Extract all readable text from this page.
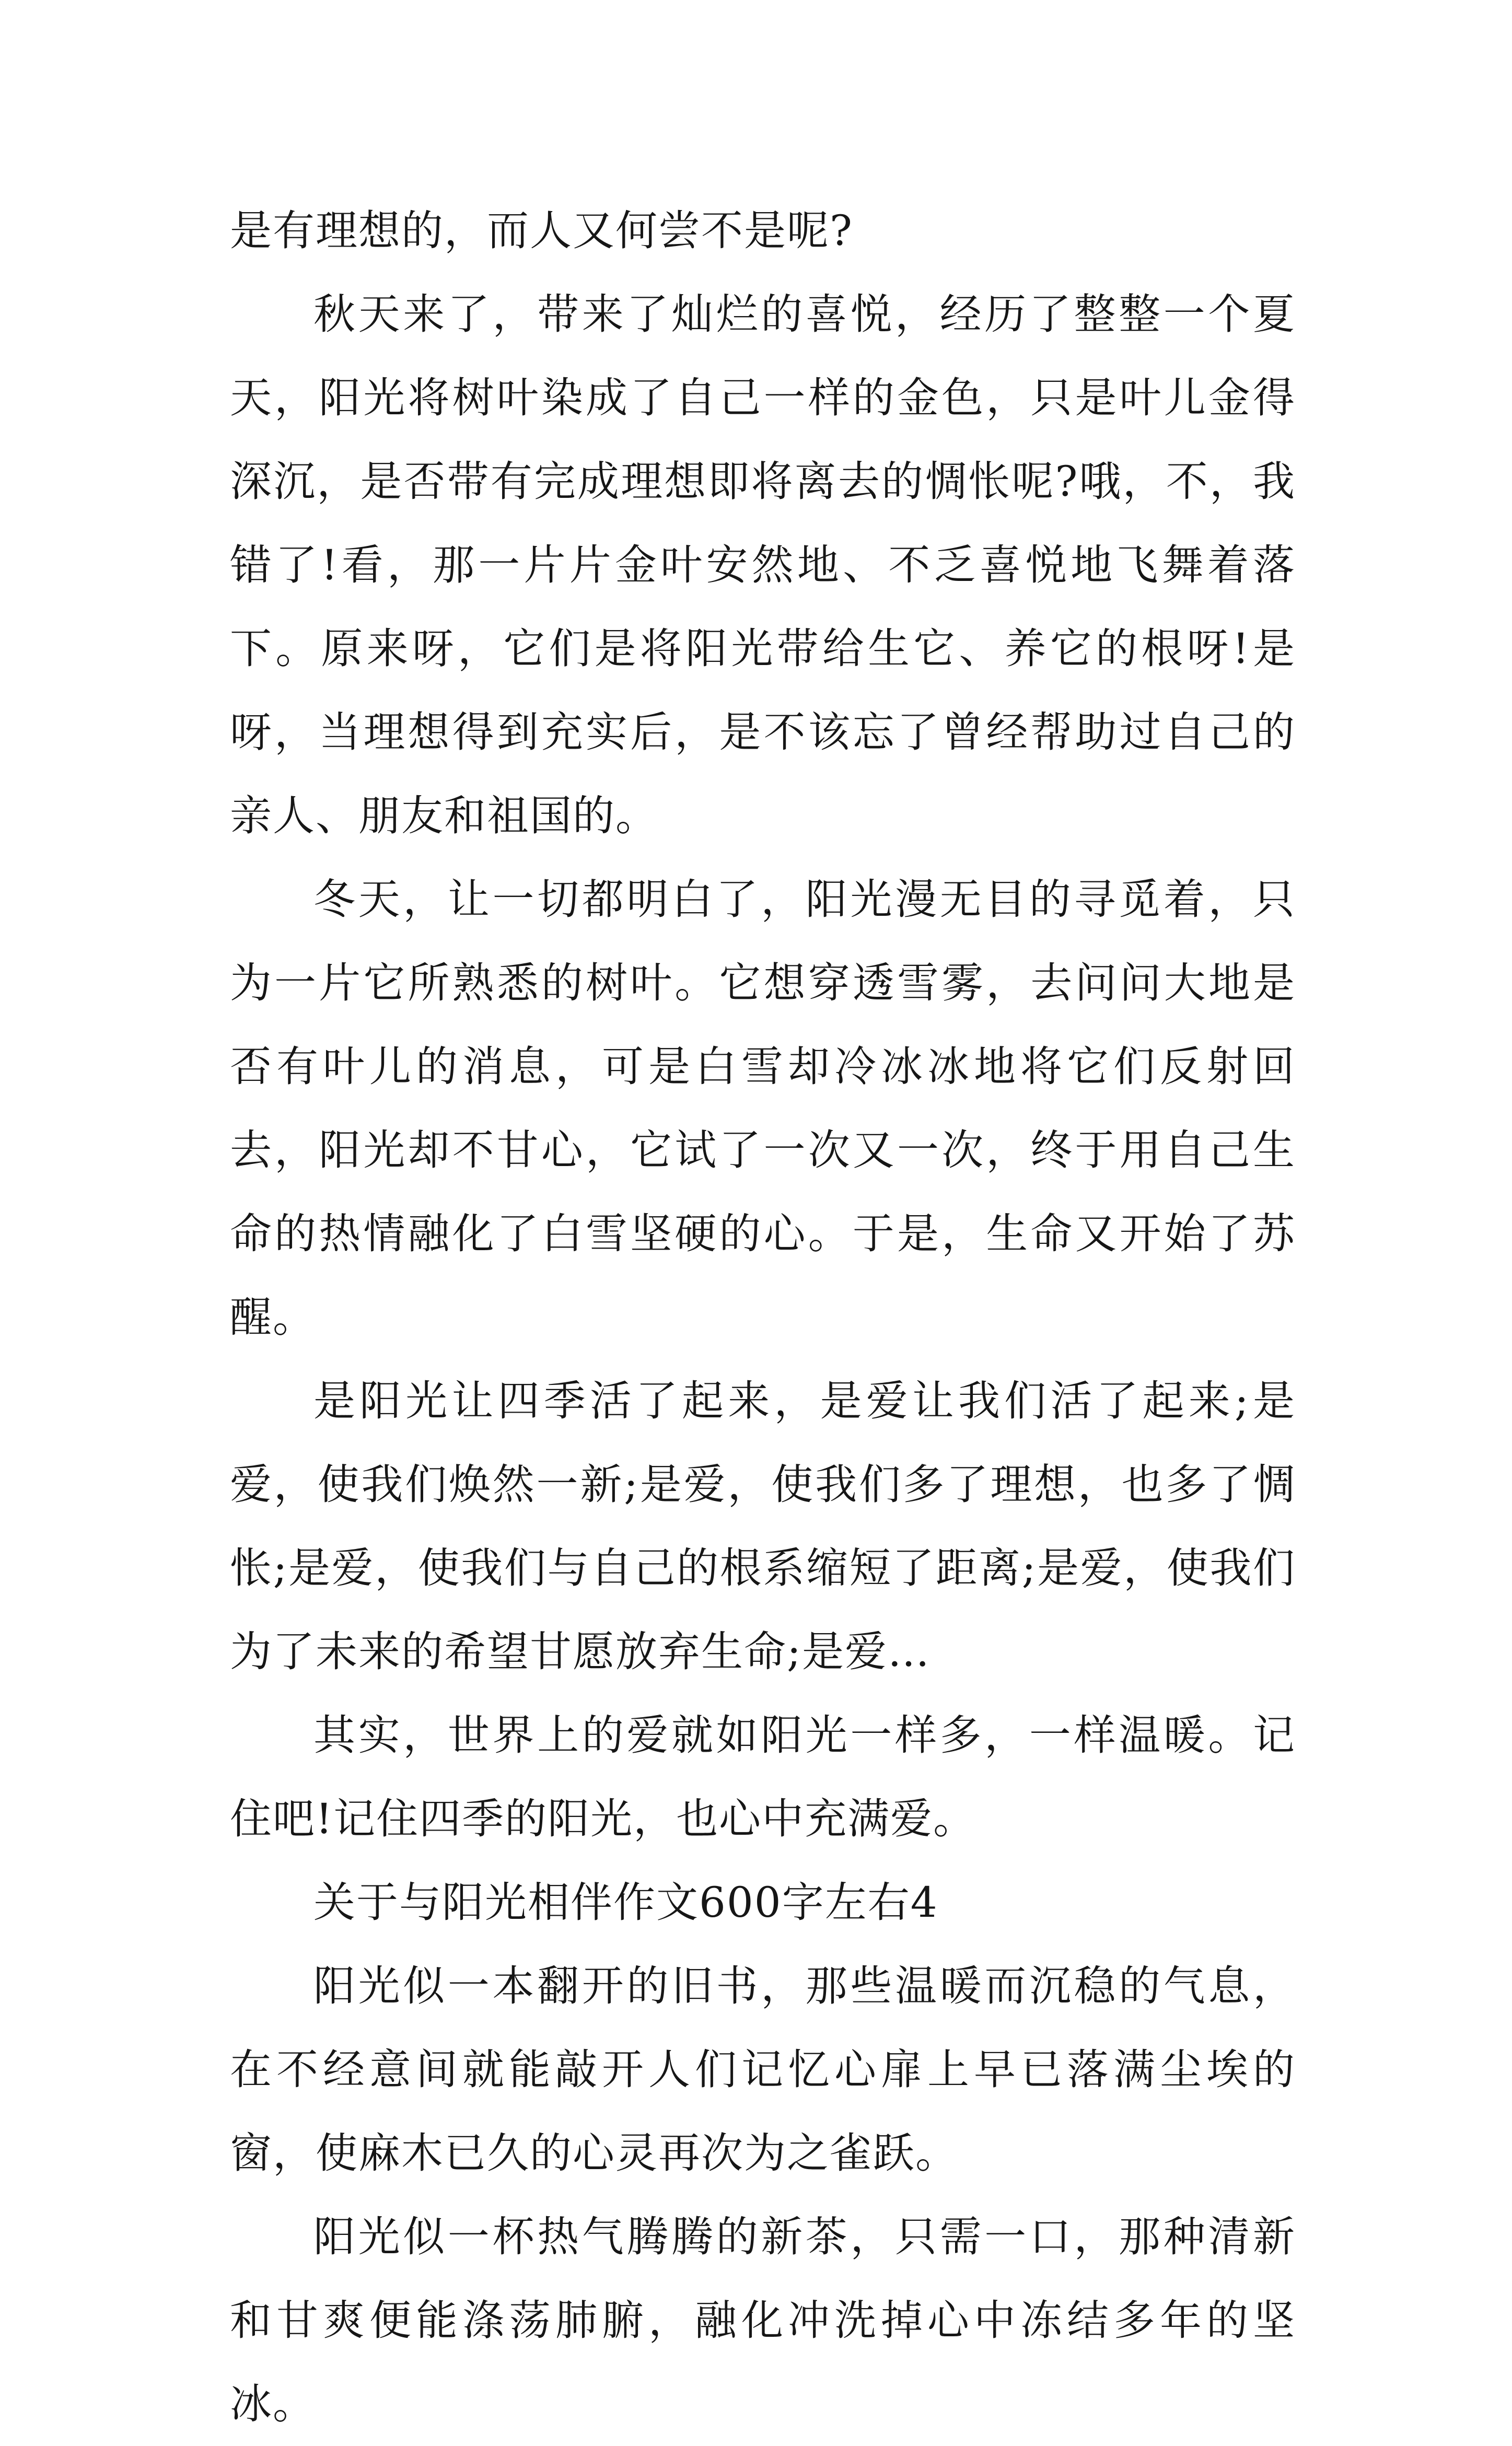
是有理想的，而人又何尝不是呢?

秋天来了，带来了灿烂的喜悦，经历了整整一个夏天，阳光将树叶染成了自己一样的金色，只是叶儿金得深沉，是否带有完成理想即将离去的惆怅呢?哦，不，我错了!看，那一片片金叶安然地、不乏喜悦地飞舞着落下。原来呀，它们是将阳光带给生它、养它的根呀!是呀，当理想得到充实后，是不该忘了曾经帮助过自己的亲人、朋友和祖国的。

冬天，让一切都明白了，阳光漫无目的寻觅着，只为一片它所熟悉的树叶。它想穿透雪雾，去问问大地是否有叶儿的消息，可是白雪却冷冰冰地将它们反射回去，阳光却不甘心，它试了一次又一次，终于用自己生命的热情融化了白雪坚硬的心。于是，生命又开始了苏醒。

是阳光让四季活了起来，是爱让我们活了起来;是爱，使我们焕然一新;是爱，使我们多了理想，也多了惆怅;是爱，使我们与自己的根系缩短了距离;是爱，使我们为了未来的希望甘愿放弃生命;是爱…

其实，世界上的爱就如阳光一样多，一样温暖。记住吧!记住四季的阳光，也心中充满爱。

关于与阳光相伴作文600字左右4

阳光似一本翻开的旧书，那些温暖而沉稳的气息，在不经意间就能敲开人们记忆心扉上早已落满尘埃的窗，使麻木已久的心灵再次为之雀跃。

阳光似一杯热气腾腾的新茶，只需一口，那种清新和甘爽便能涤荡肺腑，融化冲洗掉心中冻结多年的坚冰。
